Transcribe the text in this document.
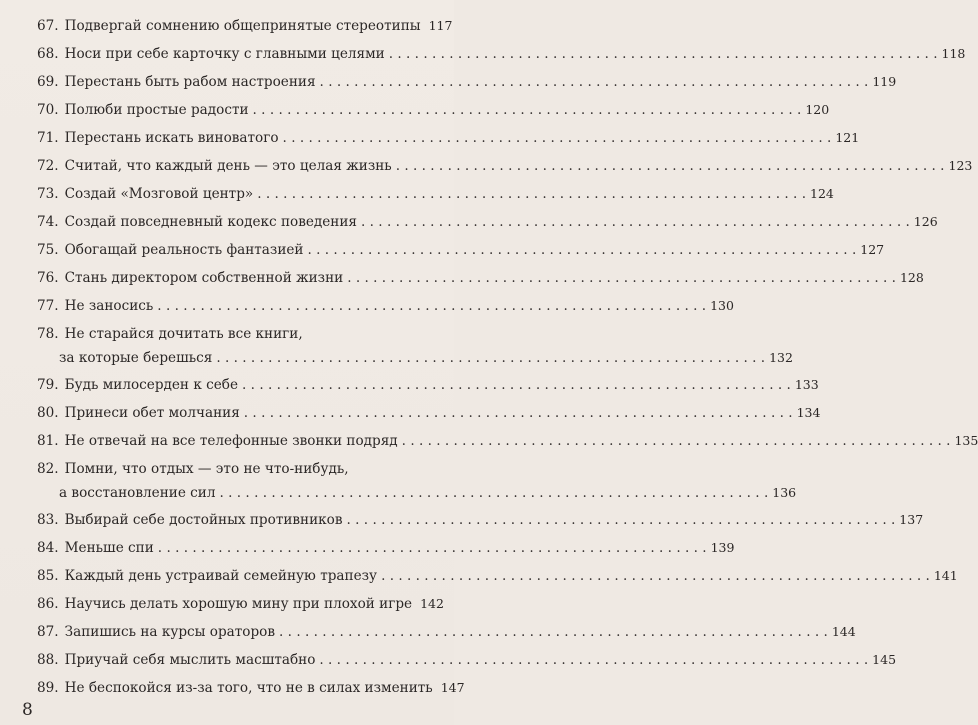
67. Подвергай сомнению общепринятые стереотипы 117
68. Носи при себе карточку с главными целями . . .	118
69. Перестань быть рабом настроения . . .	119
70. Полюби простые радости . . .	120
71. Перестань искать виноватого . . .	121
72. Считай, что каждый день — это целая жизнь . . .	123
73. Создай «Мозговой центр» . . .	124
74. Создай повседневный кодекс поведения . . .	126
75. Обогащай реальность фантазией . . .	127
76. Стань директором собственной жизни . . .	128
77. Не заносись . . .	130
78. Не старайся дочитать все книги,
за которые берешься . . .	132
79. Будь милосерден к себе . . .	133
80. Принеси обет молчания . . .	134
81. Не отвечай на все телефонные звонки подряд . . .	135
82. Помни, что отдых — это не что-нибудь,
а восстановление сил . . .	136
83. Выбирай себе достойных противников . . .	137
84. Меньше спи . . .	139
85. Каждый день устраивай семейную трапезу . . .	141
86. Научись делать хорошую мину при плохой игре 142
87. Запишись на курсы ораторов . . .	144
88. Приучай себя мыслить масштабно . . .	145
89. Не беспокойся из-за того, что не в силах изменить 147
8
